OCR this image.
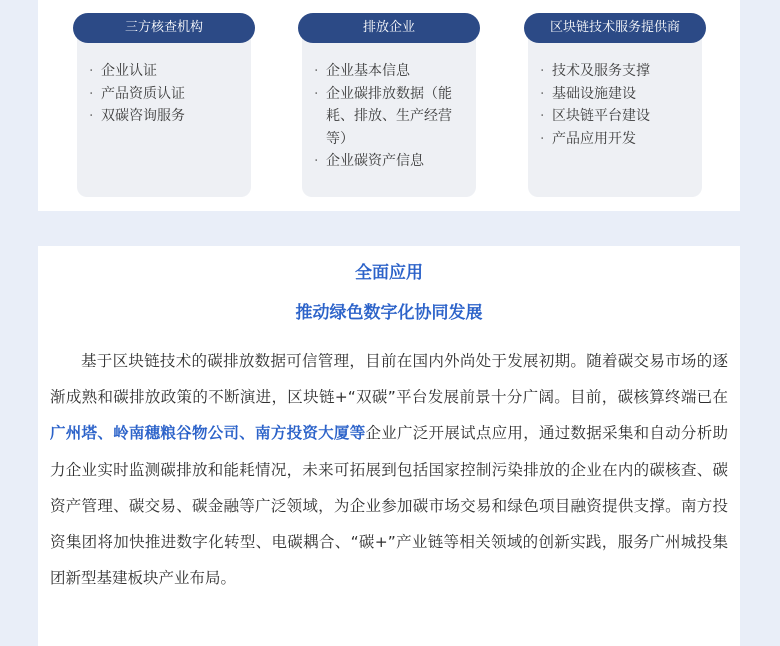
三方核查机构
· 企业认证
· 产品资质认证
· 双碳咨询服务
排放企业
· 企业基本信息
· 企业碳排放数据（能耗、排放、生产经营等）
· 企业碳资产信息
区块链技术服务提供商
· 技术及服务支撑
· 基础设施建设
· 区块链平台建设
· 产品应用开发
全面应用
推动绿色数字化协同发展

基于区块链技术的碳排放数据可信管理，目前在国内外尚处于发展初期。随着碳交易市场的逐渐成熟和碳排放政策的不断演进，区块链+“双碳”平台发展前景十分广阔。目前，碳核算终端已在广州塔、岭南穗粮谷物公司、南方投资大厦等企业广泛开展试点应用，通过数据采集和自动分析助力企业实时监测碳排放和能耗情况，未来可拓展到包括国家控制污染排放的企业在内的碳核查、碳资产管理、碳交易、碳金融等广泛领域，为企业参加碳市场交易和绿色项目融资提供支撑。南方投资集团将加快推进数字化转型、电碳耦合、“碳+”产业链等相关领域的创新实践，服务广州城投集团新型基建板块产业布局。
